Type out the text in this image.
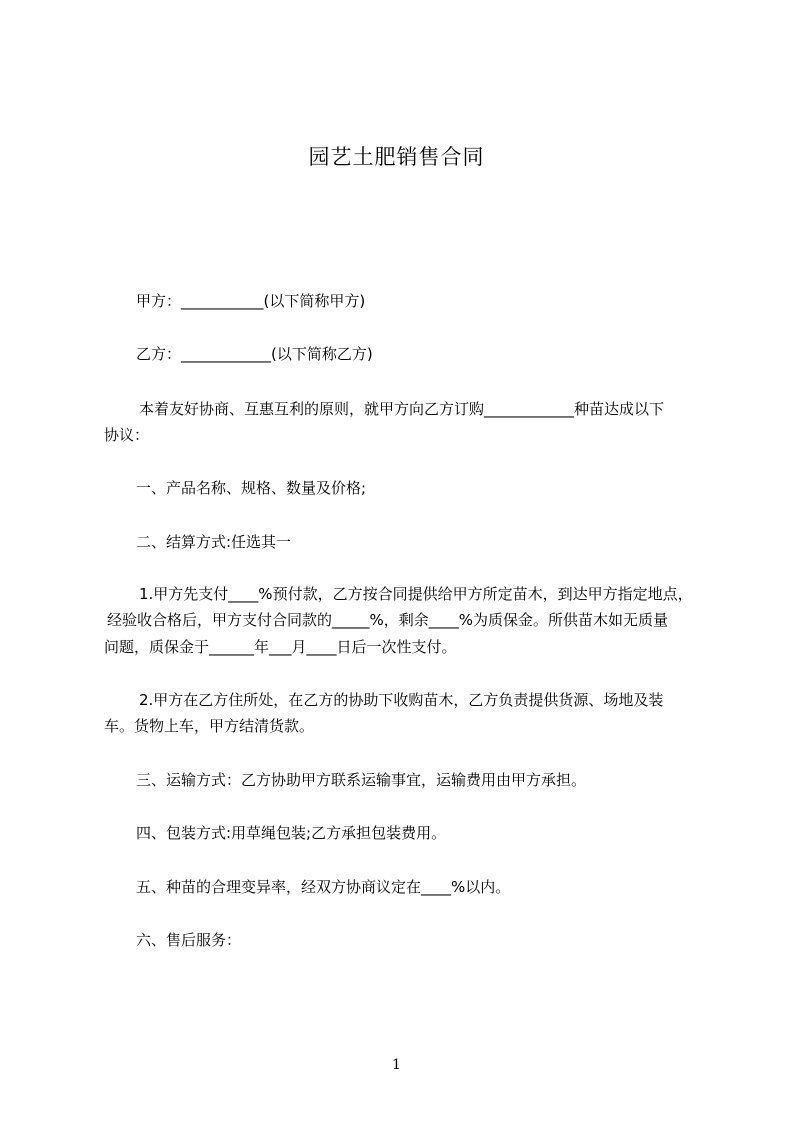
园艺土肥销售合同
甲方：___________(以下简称甲方)
乙方：____________(以下简称乙方)
本着友好协商、互惠互利的原则，就甲方向乙方订购____________种苗达成以下
协议：
一、产品名称、规格、数量及价格;
二、结算方式:任选其一
1.甲方先支付____%预付款，乙方按合同提供给甲方所定苗木，到达甲方指定地点，
经验收合格后，甲方支付合同款的_____%，剩余____%为质保金。所供苗木如无质量
问题，质保金于______年___月____日后一次性支付。
2.甲方在乙方住所处，在乙方的协助下收购苗木，乙方负责提供货源、场地及装
车。货物上车，甲方结清货款。
三、运输方式：乙方协助甲方联系运输事宜，运输费用由甲方承担。
四、包装方式:用草绳包装;乙方承担包装费用。
五、种苗的合理变异率，经双方协商议定在____%以内。
六、售后服务：
1
